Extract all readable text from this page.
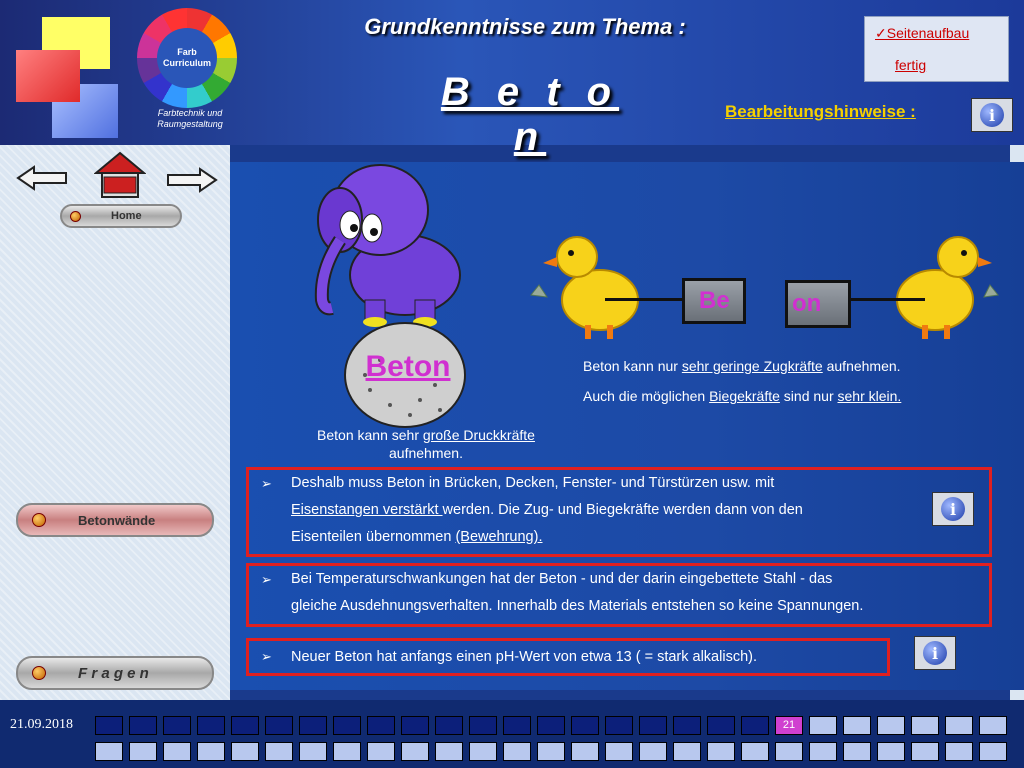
Farb Curriculum
Farbtechnik und Raumgestaltung
Grundkenntnisse zum Thema :
B e t o n
✓Seitenaufbau
fertig
Bearbeitungshinweise :	i
Home
Betonwände
F r a g e n
Beton
Be	on
Beton kann nur sehr geringe Zugkräfte aufnehmen.
Auch die möglichen Biegekräfte sind nur sehr klein.
Beton kann sehr große Druckkräfte
aufnehmen.
➢ Deshalb muss Beton in Brücken, Decken, Fenster- und Türstürzen usw. mit
Eisenstangen verstärkt werden. Die Zug- und Biegekräfte werden dann von den
Eisenteilen übernommen (Bewehrung).
i
➢ Bei Temperaturschwankungen hat der Beton - und der darin eingebettete Stahl - das
gleiche Ausdehnungsverhalten. Innerhalb des Materials entstehen so keine Spannungen.
➢ Neuer Beton hat anfangs einen pH-Wert von etwa 13 ( = stark alkalisch).	i
21.09.2018	21
